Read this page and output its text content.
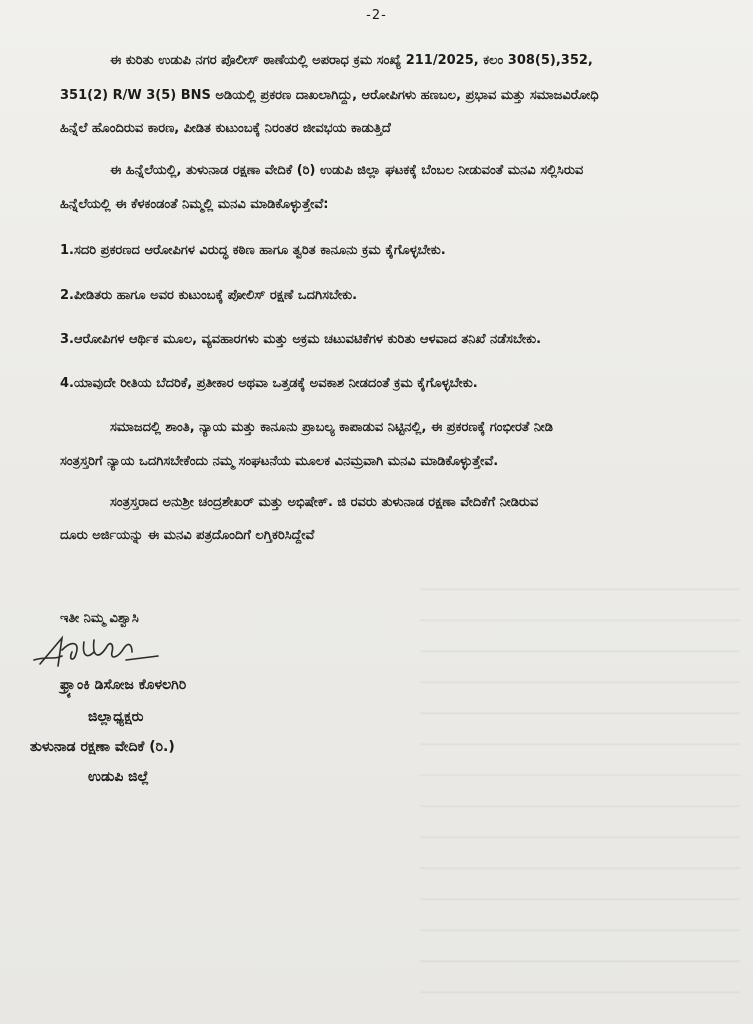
-2-
ಈ ಕುರಿತು ಉಡುಪಿ ನಗರ ಪೊಲೀಸ್ ಠಾಣೆಯಲ್ಲಿ ಅಪರಾಧ ಕ್ರಮ ಸಂಖ್ಯೆ 211/2025, ಕಲಂ 308(5),352,
351(2) R/W 3(5) BNS ಅಡಿಯಲ್ಲಿ ಪ್ರಕರಣ ದಾಖಲಾಗಿದ್ದು, ಆರೋಪಿಗಳು ಹಣಬಲ, ಪ್ರಭಾವ ಮತ್ತು ಸಮಾಜವಿರೋಧಿ
ಹಿನ್ನೆಲೆ ಹೊಂದಿರುವ ಕಾರಣ, ಪೀಡಿತ ಕುಟುಂಬಕ್ಕೆ ನಿರಂತರ ಜೀವಭಯ ಕಾಡುತ್ತಿದೆ
ಈ ಹಿನ್ನೆಲೆಯಲ್ಲಿ, ತುಳುನಾಡ ರಕ್ಷಣಾ ವೇದಿಕೆ (ರಿ) ಉಡುಪಿ ಜಿಲ್ಲಾ ಘಟಕಕ್ಕೆ ಬೆಂಬಲ ನೀಡುವಂತೆ ಮನವಿ ಸಲ್ಲಿಸಿರುವ
ಹಿನ್ನೆಲೆಯಲ್ಲಿ ಈ ಕೆಳಕಂಡಂತೆ ನಿಮ್ಮಲ್ಲಿ ಮನವಿ ಮಾಡಿಕೊಳ್ಳುತ್ತೇವೆ:
1.ಸದರಿ ಪ್ರಕರಣದ ಆರೋಪಿಗಳ ವಿರುದ್ಧ ಕಠಿಣ ಹಾಗೂ ತ್ವರಿತ ಕಾನೂನು ಕ್ರಮ ಕೈಗೊಳ್ಳಬೇಕು.
2.ಪೀಡಿತರು ಹಾಗೂ ಅವರ ಕುಟುಂಬಕ್ಕೆ ಪೋಲಿಸ್ ರಕ್ಷಣೆ ಒದಗಿಸಬೇಕು.
3.ಆರೋಪಿಗಳ ಆರ್ಥಿಕ ಮೂಲ, ವ್ಯವಹಾರಗಳು ಮತ್ತು ಅಕ್ರಮ ಚಟುವಟಿಕೆಗಳ ಕುರಿತು ಆಳವಾದ ತನಿಖೆ ನಡೆಸಬೇಕು.
4.ಯಾವುದೇ ರೀತಿಯ ಬೆದರಿಕೆ, ಪ್ರತೀಕಾರ ಅಥವಾ ಒತ್ತಡಕ್ಕೆ ಅವಕಾಶ ನೀಡದಂತೆ ಕ್ರಮ ಕೈಗೊಳ್ಳಬೇಕು.
ಸಮಾಜದಲ್ಲಿ ಶಾಂತಿ, ನ್ಯಾಯ ಮತ್ತು ಕಾನೂನು ಪ್ರಾಬಲ್ಯ ಕಾಪಾಡುವ ನಿಟ್ಟಿನಲ್ಲಿ, ಈ ಪ್ರಕರಣಕ್ಕೆ ಗಂಭೀರತೆ ನೀಡಿ
ಸಂತ್ರಸ್ತರಿಗೆ ನ್ಯಾಯ ಒದಗಿಸಬೇಕೆಂದು ನಮ್ಮ ಸಂಘಟನೆಯ ಮೂಲಕ ವಿನಮ್ರವಾಗಿ ಮನವಿ ಮಾಡಿಕೊಳ್ಳುತ್ತೇವೆ.
ಸಂತ್ರಸ್ತರಾದ ಅನುಶ್ರೀ ಚಂದ್ರಶೇಖರ್ ಮತ್ತು ಅಭಿಷೇಕ್. ಜಿ ರವರು ತುಳುನಾಡ ರಕ್ಷಣಾ ವೇದಿಕೆಗೆ ನೀಡಿರುವ
ದೂರು ಅರ್ಜಿಯನ್ನು ಈ ಮನವಿ ಪತ್ರದೊಂದಿಗೆ ಲಗ್ತಿಕರಿಸಿದ್ದೇವೆ
ಇತೀ ನಿಮ್ಮ ವಿಶ್ವಾಸಿ
ಫ್ರ್ಯಾಂಕಿ ಡಿಸೋಜ ಕೊಳಲಗಿರಿ
ಜಿಲ್ಲಾಧ್ಯಕ್ಷರು
ತುಳುನಾಡ ರಕ್ಷಣಾ ವೇದಿಕೆ (ರಿ.)
ಉಡುಪಿ ಜಿಲ್ಲೆ
